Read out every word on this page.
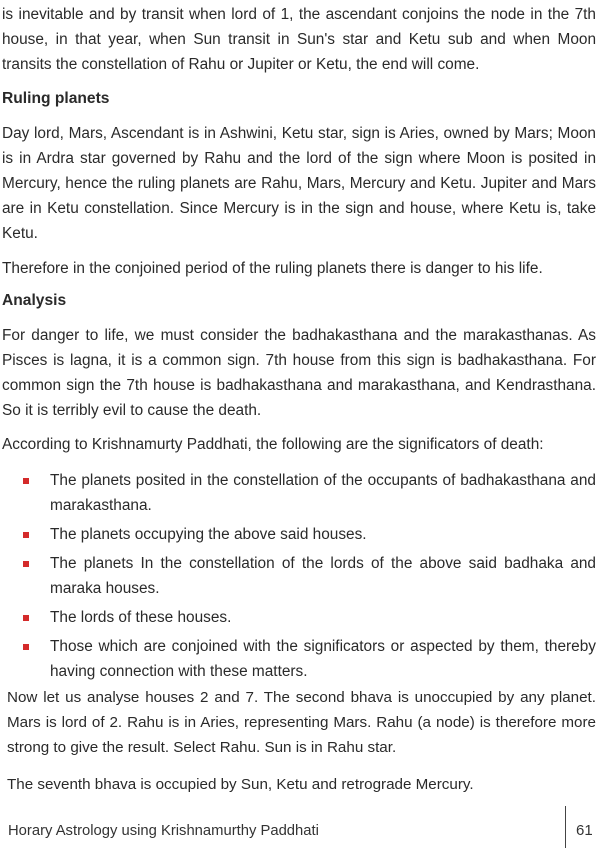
is inevitable and by transit when lord of 1, the ascendant conjoins the node in the 7th house, in that year, when Sun transit in Sun's star and Ketu sub and when Moon transits the constellation of Rahu or Jupiter or Ketu, the end will come.

Ruling planets

Day lord, Mars, Ascendant is in Ashwini, Ketu star, sign is Aries, owned by Mars; Moon is in Ardra star governed by Rahu and the lord of the sign where Moon is posited in Mercury, hence the ruling planets are Rahu, Mars, Mercury and Ketu. Jupiter and Mars are in Ketu constellation. Since Mercury is in the sign and house, where Ketu is, take Ketu.

Therefore in the conjoined period of the ruling planets there is danger to his life.

Analysis

For danger to life, we must consider the badhakasthana and the marakasthanas. As Pisces is lagna, it is a common sign. 7th house from this sign is badhakasthana. For common sign the 7th house is badhakasthana and marakasthana, and Kendrasthana. So it is terribly evil to cause the death.

According to Krishnamurty Paddhati, the following are the significators of death:

The planets posited in the constellation of the occupants of badhakasthana and marakasthana.
The planets occupying the above said houses.
The planets In the constellation of the lords of the above said badhaka and maraka houses.
The lords of these houses.
Those which are conjoined with the significators or aspected by them, thereby having connection with these matters.

Now let us analyse houses 2 and 7. The second bhava is unoccupied by any planet. Mars is lord of 2. Rahu is in Aries, representing Mars. Rahu (a node) is therefore more strong to give the result. Select Rahu. Sun is in Rahu star.

The seventh bhava is occupied by Sun, Ketu and retrograde Mercury.

Horary Astrology using Krishnamurthy Paddhati	61
